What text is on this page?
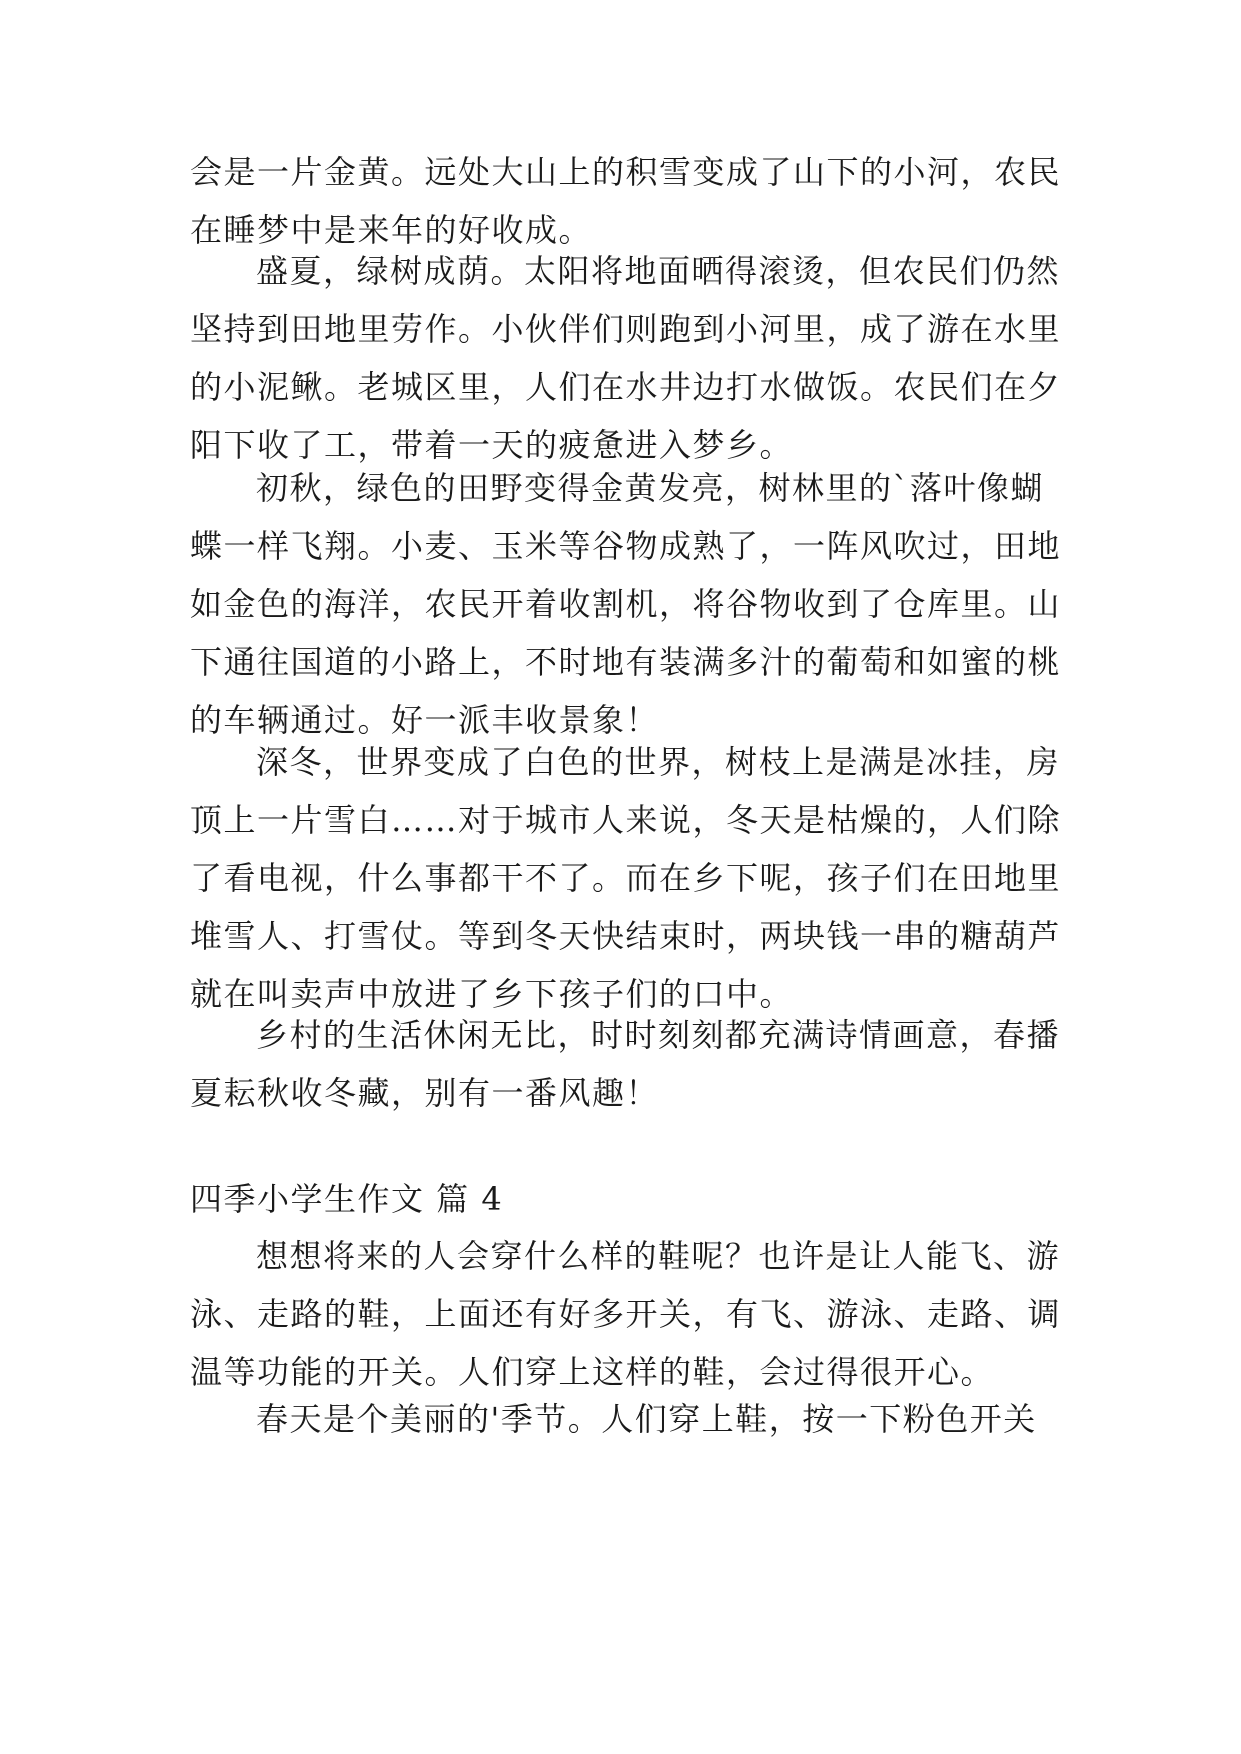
会是一片金黄。远处大山上的积雪变成了山下的小河，农民
在睡梦中是来年的好收成。
盛夏，绿树成荫。太阳将地面晒得滚烫，但农民们仍然
坚持到田地里劳作。小伙伴们则跑到小河里，成了游在水里
的小泥鳅。老城区里，人们在水井边打水做饭。农民们在夕
阳下收了工，带着一天的疲惫进入梦乡。
初秋，绿色的田野变得金黄发亮，树林里的`落叶像蝴
蝶一样飞翔。小麦、玉米等谷物成熟了，一阵风吹过，田地
如金色的海洋，农民开着收割机，将谷物收到了仓库里。山
下通往国道的小路上，不时地有装满多汁的葡萄和如蜜的桃
的车辆通过。好一派丰收景象！
深冬，世界变成了白色的世界，树枝上是满是冰挂，房
顶上一片雪白……对于城市人来说，冬天是枯燥的，人们除
了看电视，什么事都干不了。而在乡下呢，孩子们在田地里
堆雪人、打雪仗。等到冬天快结束时，两块钱一串的糖葫芦
就在叫卖声中放进了乡下孩子们的口中。
乡村的生活休闲无比，时时刻刻都充满诗情画意，春播
夏耘秋收冬藏，别有一番风趣！
四季小学生作文 篇 4
想想将来的人会穿什么样的鞋呢？也许是让人能飞、游
泳、走路的鞋，上面还有好多开关，有飞、游泳、走路、调
温等功能的开关。人们穿上这样的鞋，会过得很开心。
春天是个美丽的'季节。人们穿上鞋，按一下粉色开关
